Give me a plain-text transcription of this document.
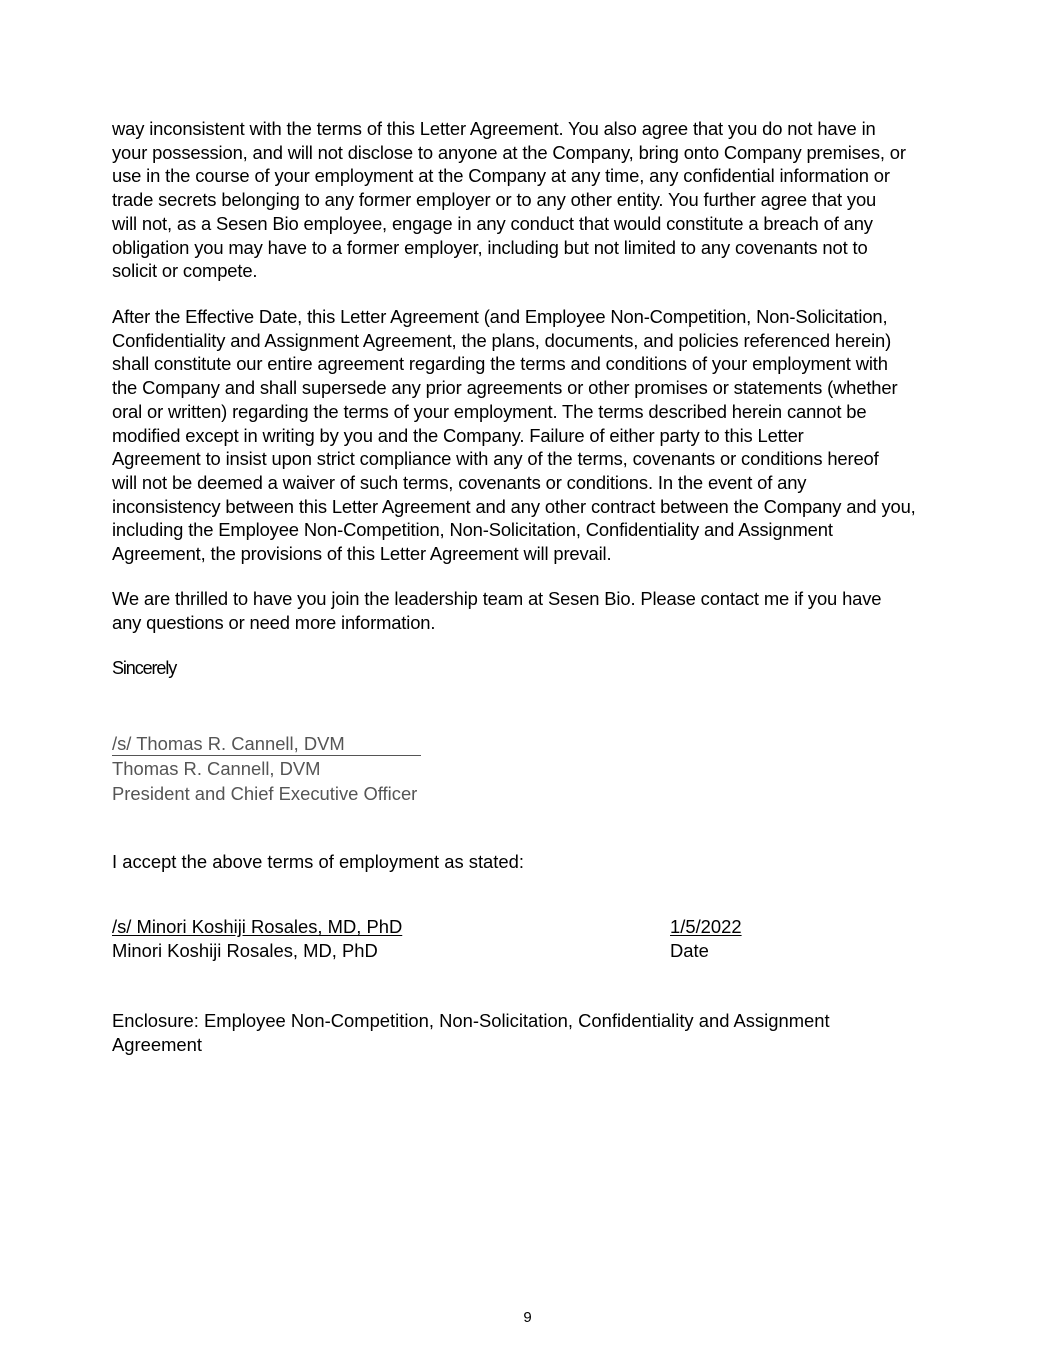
way inconsistent with the terms of this Letter Agreement. You also agree that you do not have in
your possession, and will not disclose to anyone at the Company, bring onto Company premises, or
use in the course of your employment at the Company at any time, any confidential information or
trade secrets belonging to any former employer or to any other entity. You further agree that you
will not, as a Sesen Bio employee, engage in any conduct that would constitute a breach of any
obligation you may have to a former employer, including but not limited to any covenants not to
solicit or compete.

After the Effective Date, this Letter Agreement (and Employee Non-Competition, Non-Solicitation,
Confidentiality and Assignment Agreement, the plans, documents, and policies referenced herein)
shall constitute our entire agreement regarding the terms and conditions of your employment with
the Company and shall supersede any prior agreements or other promises or statements (whether
oral or written) regarding the terms of your employment. The terms described herein cannot be
modified except in writing by you and the Company. Failure of either party to this Letter
Agreement to insist upon strict compliance with any of the terms, covenants or conditions hereof
will not be deemed a waiver of such terms, covenants or conditions. In the event of any
inconsistency between this Letter Agreement and any other contract between the Company and you,
including the Employee Non-Competition, Non-Solicitation, Confidentiality and Assignment
Agreement, the provisions of this Letter Agreement will prevail.

We are thrilled to have you join the leadership team at Sesen Bio. Please contact me if you have
any questions or need more information.

Sincerely
/s/ Thomas R. Cannell, DVM
Thomas R. Cannell, DVM
President and Chief Executive Officer
I accept the above terms of employment as stated:
/s/ Minori Koshiji Rosales, MD, PhD
Minori Koshiji Rosales, MD, PhD
1/5/2022
Date
Enclosure: Employee Non-Competition, Non-Solicitation, Confidentiality and Assignment
Agreement
9
